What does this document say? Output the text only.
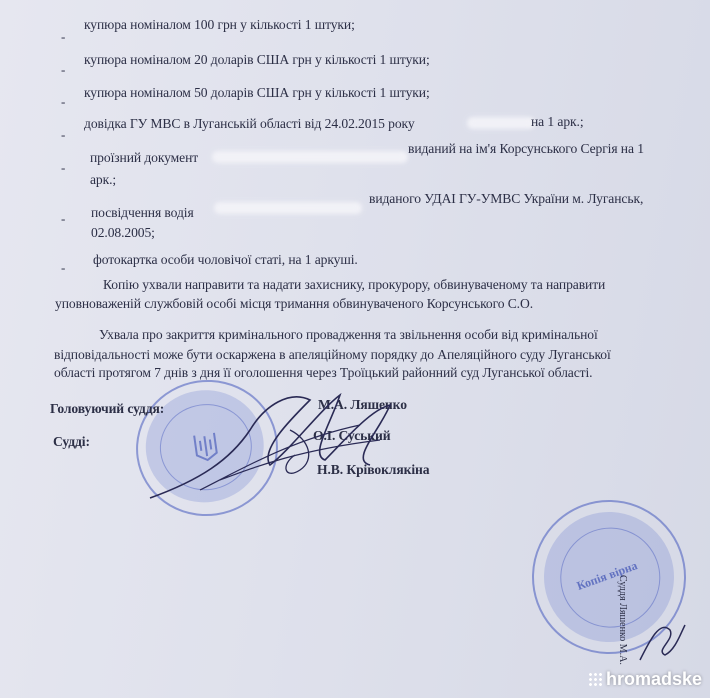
-
-
-
-
-
-
-
купюра номіналом 100 грн у кількості 1 штуки;
купюра номіналом 20 доларів США грн у кількості 1 штуки;
купюра номіналом 50 доларів США грн у кількості 1 штуки;
довідка ГУ МВС в Луганській області від 24.02.2015 року	на 1 арк.;
проїзний документ
виданий на ім'я Корсунського Сергія на 1
арк.;
посвідчення водія
виданого УДАІ ГУ-УМВС України м. Луганськ,
02.08.2005;
фотокартка особи чоловічої статі, на 1 аркуші.
Копію ухвали направити та надати захиснику, прокурору, обвинуваченому та направити
уповноваженій службовій особі місця тримання обвинуваченого Корсунського С.О.
Ухвала про закриття кримінального провадження та звільнення особи від кримінальної
відповідальності може бути оскаржена в апеляційному порядку до Апеляційного суду Луганської
області протягом 7 днів з дня її оголошення через Троїцький районний суд Луганської області.
Головуючий суддя:	М.А. Ляшенко
Судді:	О.І. Суський
Н.В. Крівоклякіна
Копія вірна
Суддя Ляшенко М.А.
hromadske
